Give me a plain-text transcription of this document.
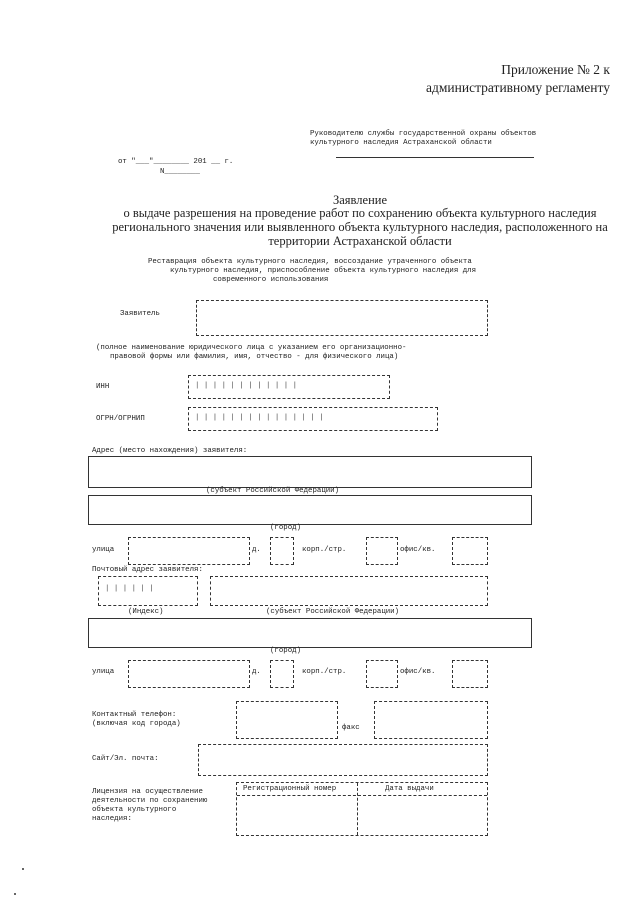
Приложение № 2 к
административному регламенту
Руководителю службы государственной охраны объектов
культурного наследия Астраханской области
от "___"________ 201 __ г.
N________
Заявление
о выдаче разрешения на проведение работ по сохранению объекта культурного наследия
регионального значения или выявленного объекта культурного наследия, расположенного на
территории Астраханской области
Реставрация объекта культурного наследия, воссоздание утраченного объекта
культурного наследия, приспособление объекта культурного наследия для
современного использования
Заявитель
(полное наименование юридического лица с указанием его организационно-
правовой формы или фамилия, имя, отчество - для физического лица)
ИНН	| | | | | | | | | | | |
ОГРН/ОГРНИП	| | | | | | | | | | | | | | |
Адрес (место нахождения) заявителя:
(субъект Российской Федерации)
(город)
улица	д.	корп./стр.	офис/кв.
Почтовый адрес заявителя:
| | | | | |
(Индекс)	(субъект Российской Федерации)
(город)
улица	д.	корп./стр.	офис/кв.
Контактный телефон:
(включая код города)	факс
Сайт/Эл. почта:
Лицензия на осуществление
деятельности по сохранению
объекта культурного
наследия:
Регистрационный номер	Дата выдачи
